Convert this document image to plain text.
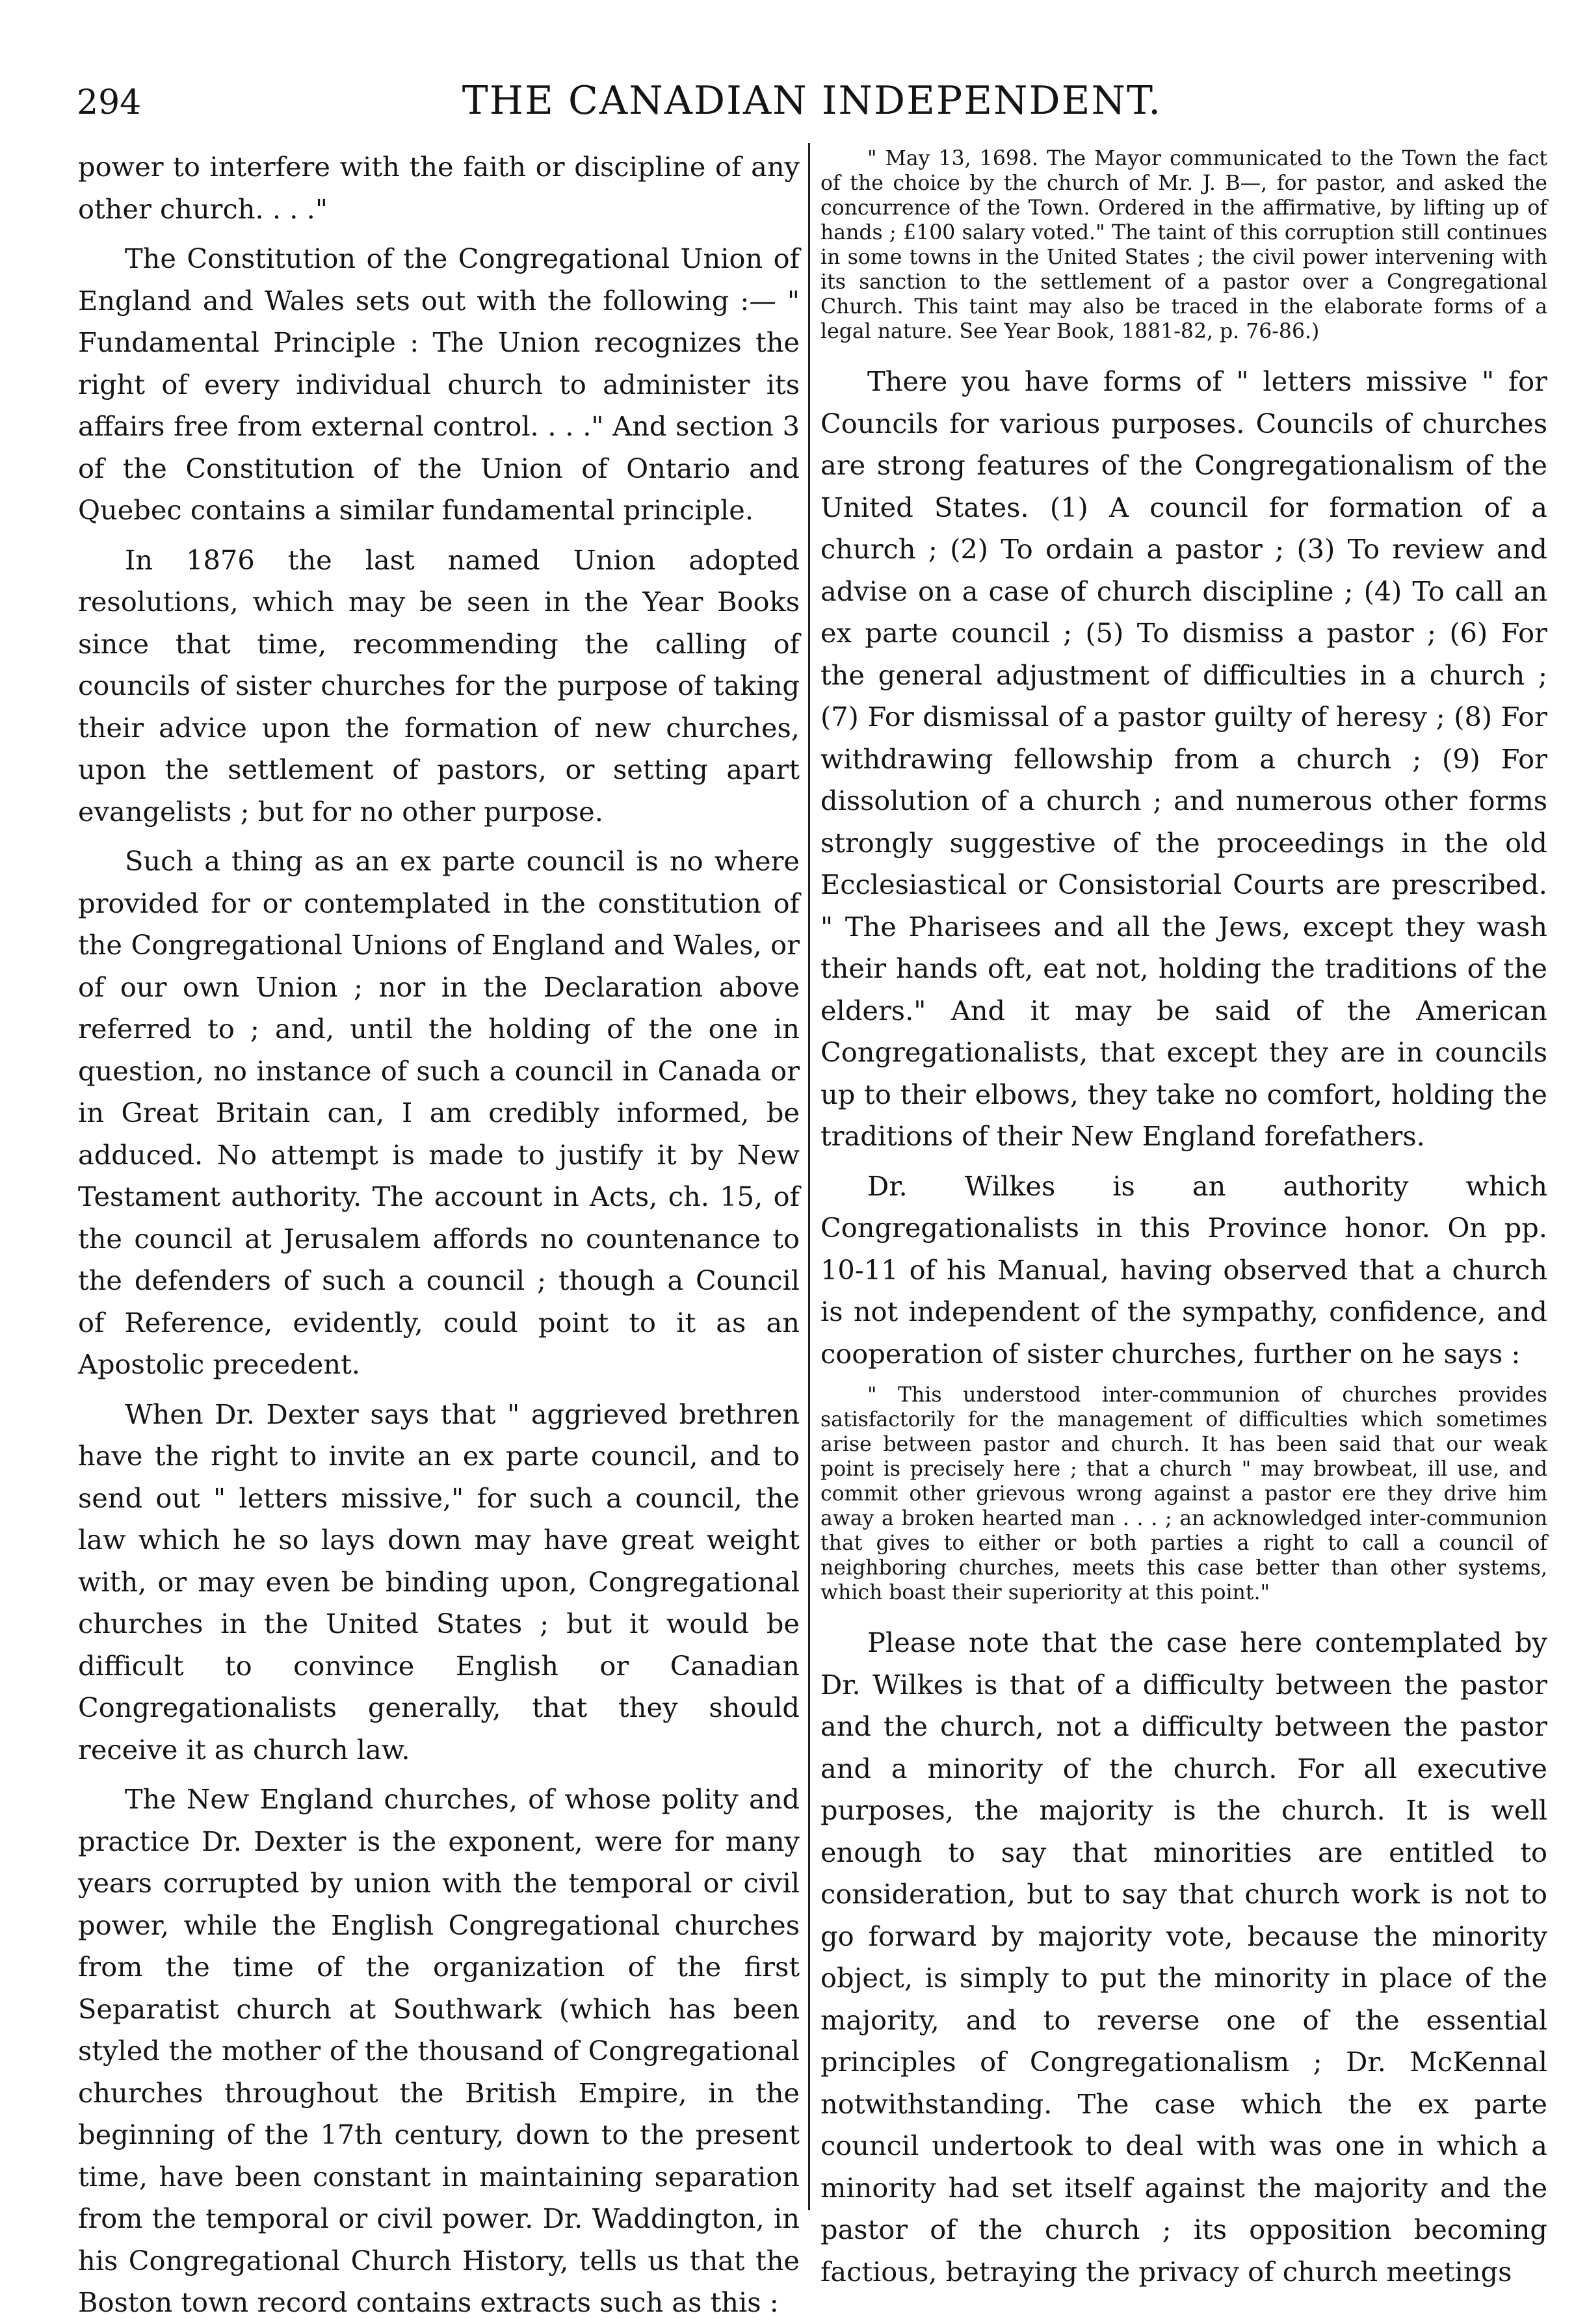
294	THE CANADIAN INDEPENDENT.

power to interfere with the faith or discipline of any other church. . . ."

The Constitution of the Congregational Union of England and Wales sets out with the following :— " Fundamental Principle : The Union recognizes the right of every individual church to administer its affairs free from external control. . . ." And section 3 of the Constitution of the Union of Ontario and Quebec contains a similar fundamental principle.

In 1876 the last named Union adopted resolutions, which may be seen in the Year Books since that time, recommending the calling of councils of sister churches for the purpose of taking their advice upon the formation of new churches, upon the settlement of pastors, or setting apart evangelists ; but for no other purpose.

Such a thing as an ex parte council is no where provided for or contemplated in the constitution of the Congregational Unions of England and Wales, or of our own Union ; nor in the Declaration above referred to ; and, until the holding of the one in question, no instance of such a council in Canada or in Great Britain can, I am credibly informed, be adduced. No attempt is made to justify it by New Testament authority. The account in Acts, ch. 15, of the council at Jerusalem affords no countenance to the defenders of such a council ; though a Council of Reference, evidently, could point to it as an Apostolic precedent.

When Dr. Dexter says that " aggrieved brethren have the right to invite an ex parte council, and to send out " letters missive," for such a council, the law which he so lays down may have great weight with, or may even be binding upon, Congregational churches in the United States ; but it would be difficult to convince English or Canadian Congregationalists generally, that they should receive it as church law.

The New England churches, of whose polity and practice Dr. Dexter is the exponent, were for many years corrupted by union with the temporal or civil power, while the English Congregational churches from the time of the organization of the first Separatist church at Southwark (which has been styled the mother of the thousand of Congregational churches throughout the British Empire, in the beginning of the 17th century, down to the present time, have been constant in maintaining separation from the temporal or civil power. Dr. Waddington, in his Congregational Church History, tells us that the Boston town record contains extracts such as this :

" May 13, 1698. The Mayor communicated to the Town the fact of the choice by the church of Mr. J. B—, for pastor, and asked the concurrence of the Town. Ordered in the affirmative, by lifting up of hands ; £100 salary voted." The taint of this corruption still continues in some towns in the United States ; the civil power intervening with its sanction to the settlement of a pastor over a Congregational Church. This taint may also be traced in the elaborate forms of a legal nature. See Year Book, 1881-82, p. 76-86.)

There you have forms of " letters missive " for Councils for various purposes. Councils of churches are strong features of the Congregationalism of the United States. (1) A council for formation of a church ; (2) To ordain a pastor ; (3) To review and advise on a case of church discipline ; (4) To call an ex parte council ; (5) To dismiss a pastor ; (6) For the general adjustment of difficulties in a church ; (7) For dismissal of a pastor guilty of heresy ; (8) For withdrawing fellowship from a church ; (9) For dissolution of a church ; and numerous other forms strongly suggestive of the proceedings in the old Ecclesiastical or Consistorial Courts are prescribed. " The Pharisees and all the Jews, except they wash their hands oft, eat not, holding the traditions of the elders." And it may be said of the American Congregationalists, that except they are in councils up to their elbows, they take no comfort, holding the traditions of their New England forefathers.

Dr. Wilkes is an authority which Congregationalists in this Province honor. On pp. 10-11 of his Manual, having observed that a church is not independent of the sympathy, confidence, and cooperation of sister churches, further on he says :

" This understood inter-communion of churches provides satisfactorily for the management of difficulties which sometimes arise between pastor and church. It has been said that our weak point is precisely here ; that a church " may browbeat, ill use, and commit other grievous wrong against a pastor ere they drive him away a broken hearted man . . . ; an acknowledged inter-communion that gives to either or both parties a right to call a council of neighboring churches, meets this case better than other systems, which boast their superiority at this point."

Please note that the case here contemplated by Dr. Wilkes is that of a difficulty between the pastor and the church, not a difficulty between the pastor and a minority of the church. For all executive purposes, the majority is the church. It is well enough to say that minorities are entitled to consideration, but to say that church work is not to go forward by majority vote, because the minority object, is simply to put the minority in place of the majority, and to reverse one of the essential principles of Congregationalism ; Dr. McKennal notwithstanding. The case which the ex parte council undertook to deal with was one in which a minority had set itself against the majority and the pastor of the church ; its opposition becoming factious, betraying the privacy of church meetings
